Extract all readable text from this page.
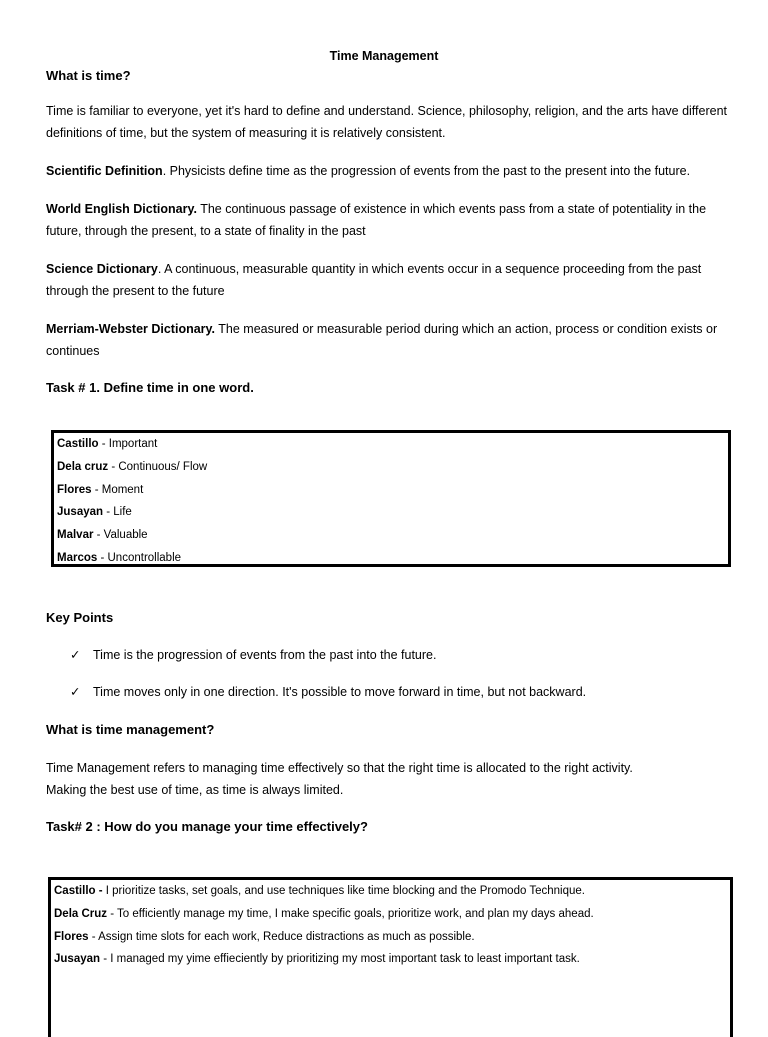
Time Management
What is time?
Time is familiar to everyone, yet it's hard to define and understand. Science, philosophy, religion, and the arts have different definitions of time, but the system of measuring it is relatively consistent.
Scientific Definition. Physicists define time as the progression of events from the past to the present into the future.
World English Dictionary. The continuous passage of existence in which events pass from a state of potentiality in the future, through the present, to a state of finality in the past
Science Dictionary. A continuous, measurable quantity in which events occur in a sequence proceeding from the past through the present to the future
Merriam-Webster Dictionary. The measured or measurable period during which an action, process or condition exists or continues
Task # 1. Define time in one word.
Castillo - Important
Dela cruz - Continuous/ Flow
Flores - Moment
Jusayan - Life
Malvar - Valuable
Marcos - Uncontrollable
Key Points
✓ Time is the progression of events from the past into the future.
✓ Time moves only in one direction. It's possible to move forward in time, but not backward.
What is time management?
Time Management refers to managing time effectively so that the right time is allocated to the right activity.
Making the best use of time, as time is always limited.
Task# 2 : How do you manage your time effectively?
Castillo - I prioritize tasks, set goals, and use techniques like time blocking and the Promodo Technique.
Dela Cruz - To efficiently manage my time, I make specific goals, prioritize work, and plan my days ahead.
Flores - Assign time slots for each work, Reduce distractions as much as possible.
Jusayan - I managed my yime effieciently by prioritizing my most important task to least important task.
